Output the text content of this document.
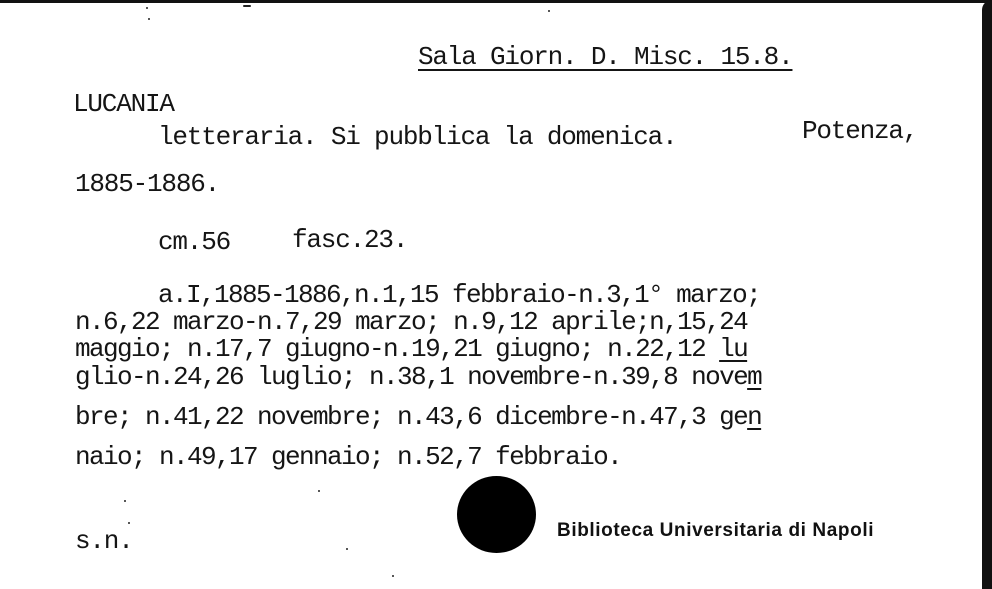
Sala Giorn. D. Misc. 15.8.
LUCANIA
letteraria. Si pubblica la domenica.	Potenza,
1885-1886.
cm.56 fasc.23.
a.I,1885-1886,n.1,15 febbraio-n.3,1° marzo;
n.6,22 marzo-n.7,29 marzo; n.9,12 aprile;n,15,24
maggio; n.17,7 giugno-n.19,21 giugno; n.22,12 lu
glio-n.24,26 luglio; n.38,1 novembre-n.39,8 novem
bre; n.41,22 novembre; n.43,6 dicembre-n.47,3 gen
naio; n.49,17 gennaio; n.52,7 febbraio.
s.n.	Biblioteca Universitaria di Napoli
